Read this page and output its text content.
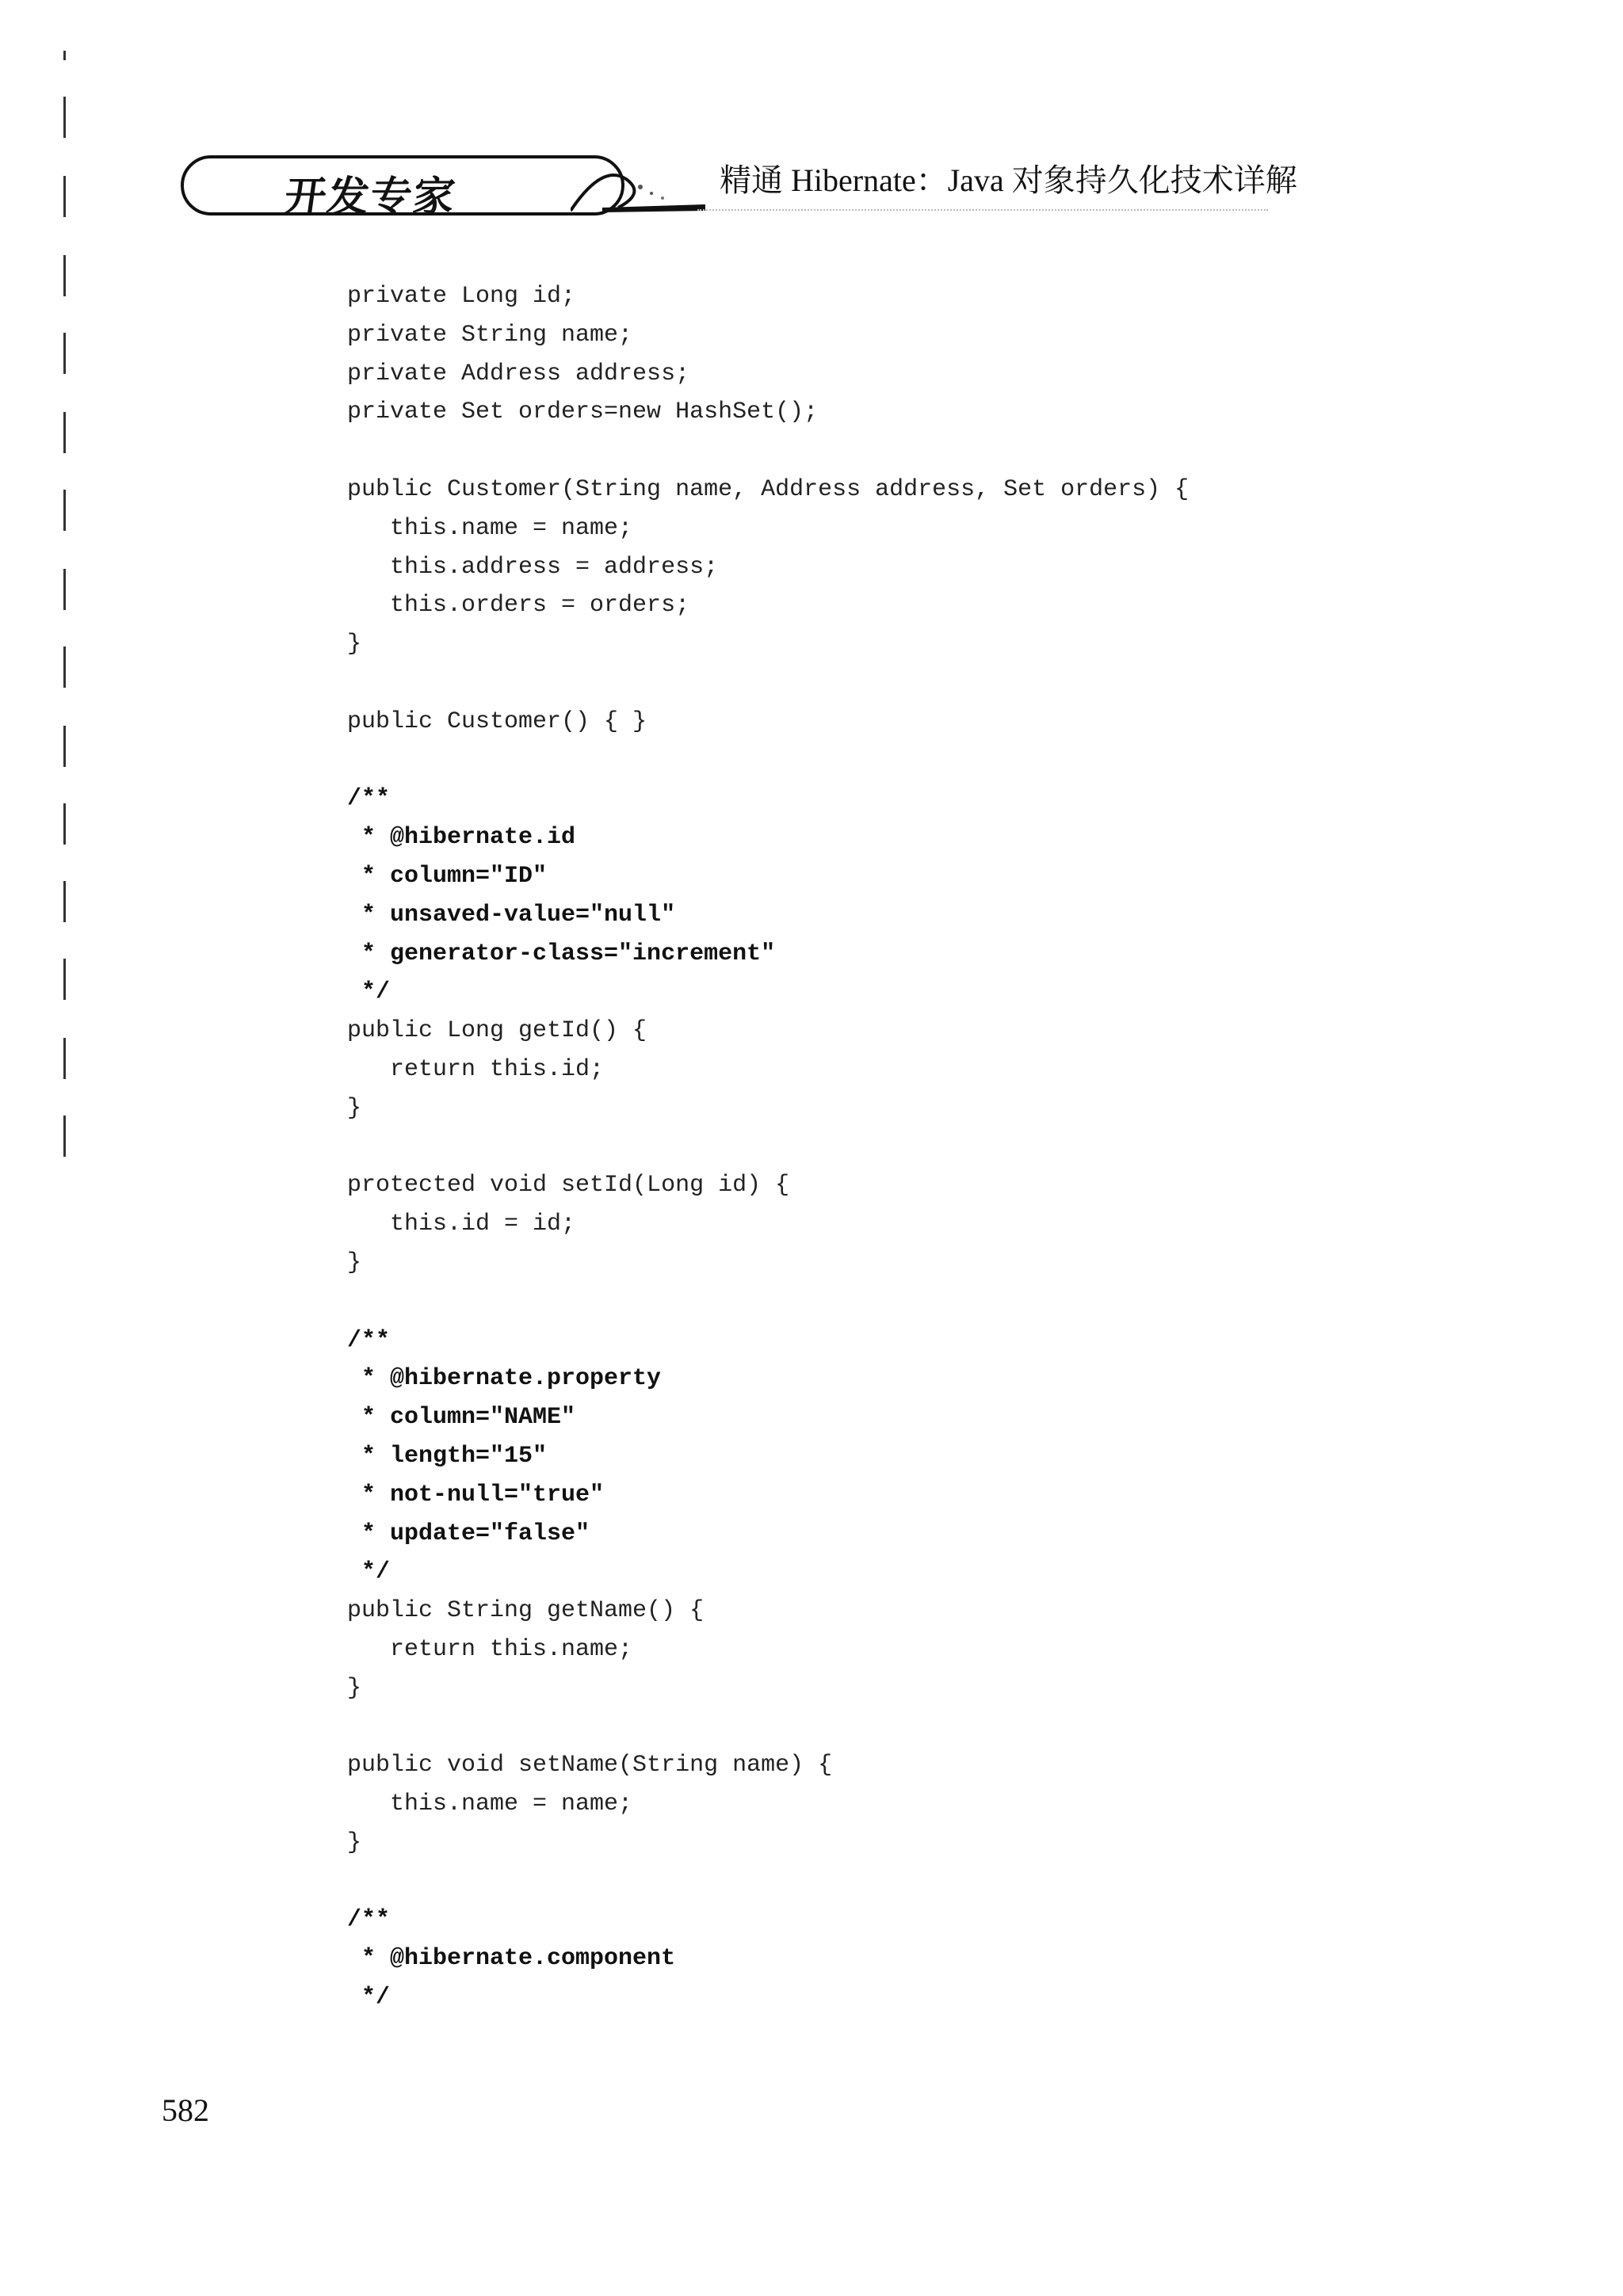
开发专家	精通 Hibernate：Java 对象持久化技术详解
private Long id;
private String name;
private Address address;
private Set orders=new HashSet();
public Customer(String name, Address address, Set orders) {
this.name = name;
this.address = address;
this.orders = orders;
}
public Customer() { }
/**
* @hibernate.id
* column="ID"
* unsaved-value="null"
* generator-class="increment"
*/
public Long getId() {
return this.id;
}
protected void setId(Long id) {
this.id = id;
}
/**
* @hibernate.property
* column="NAME"
* length="15"
* not-null="true"
* update="false"
*/
public String getName() {
return this.name;
}
public void setName(String name) {
this.name = name;
}
/**
* @hibernate.component
*/
582
